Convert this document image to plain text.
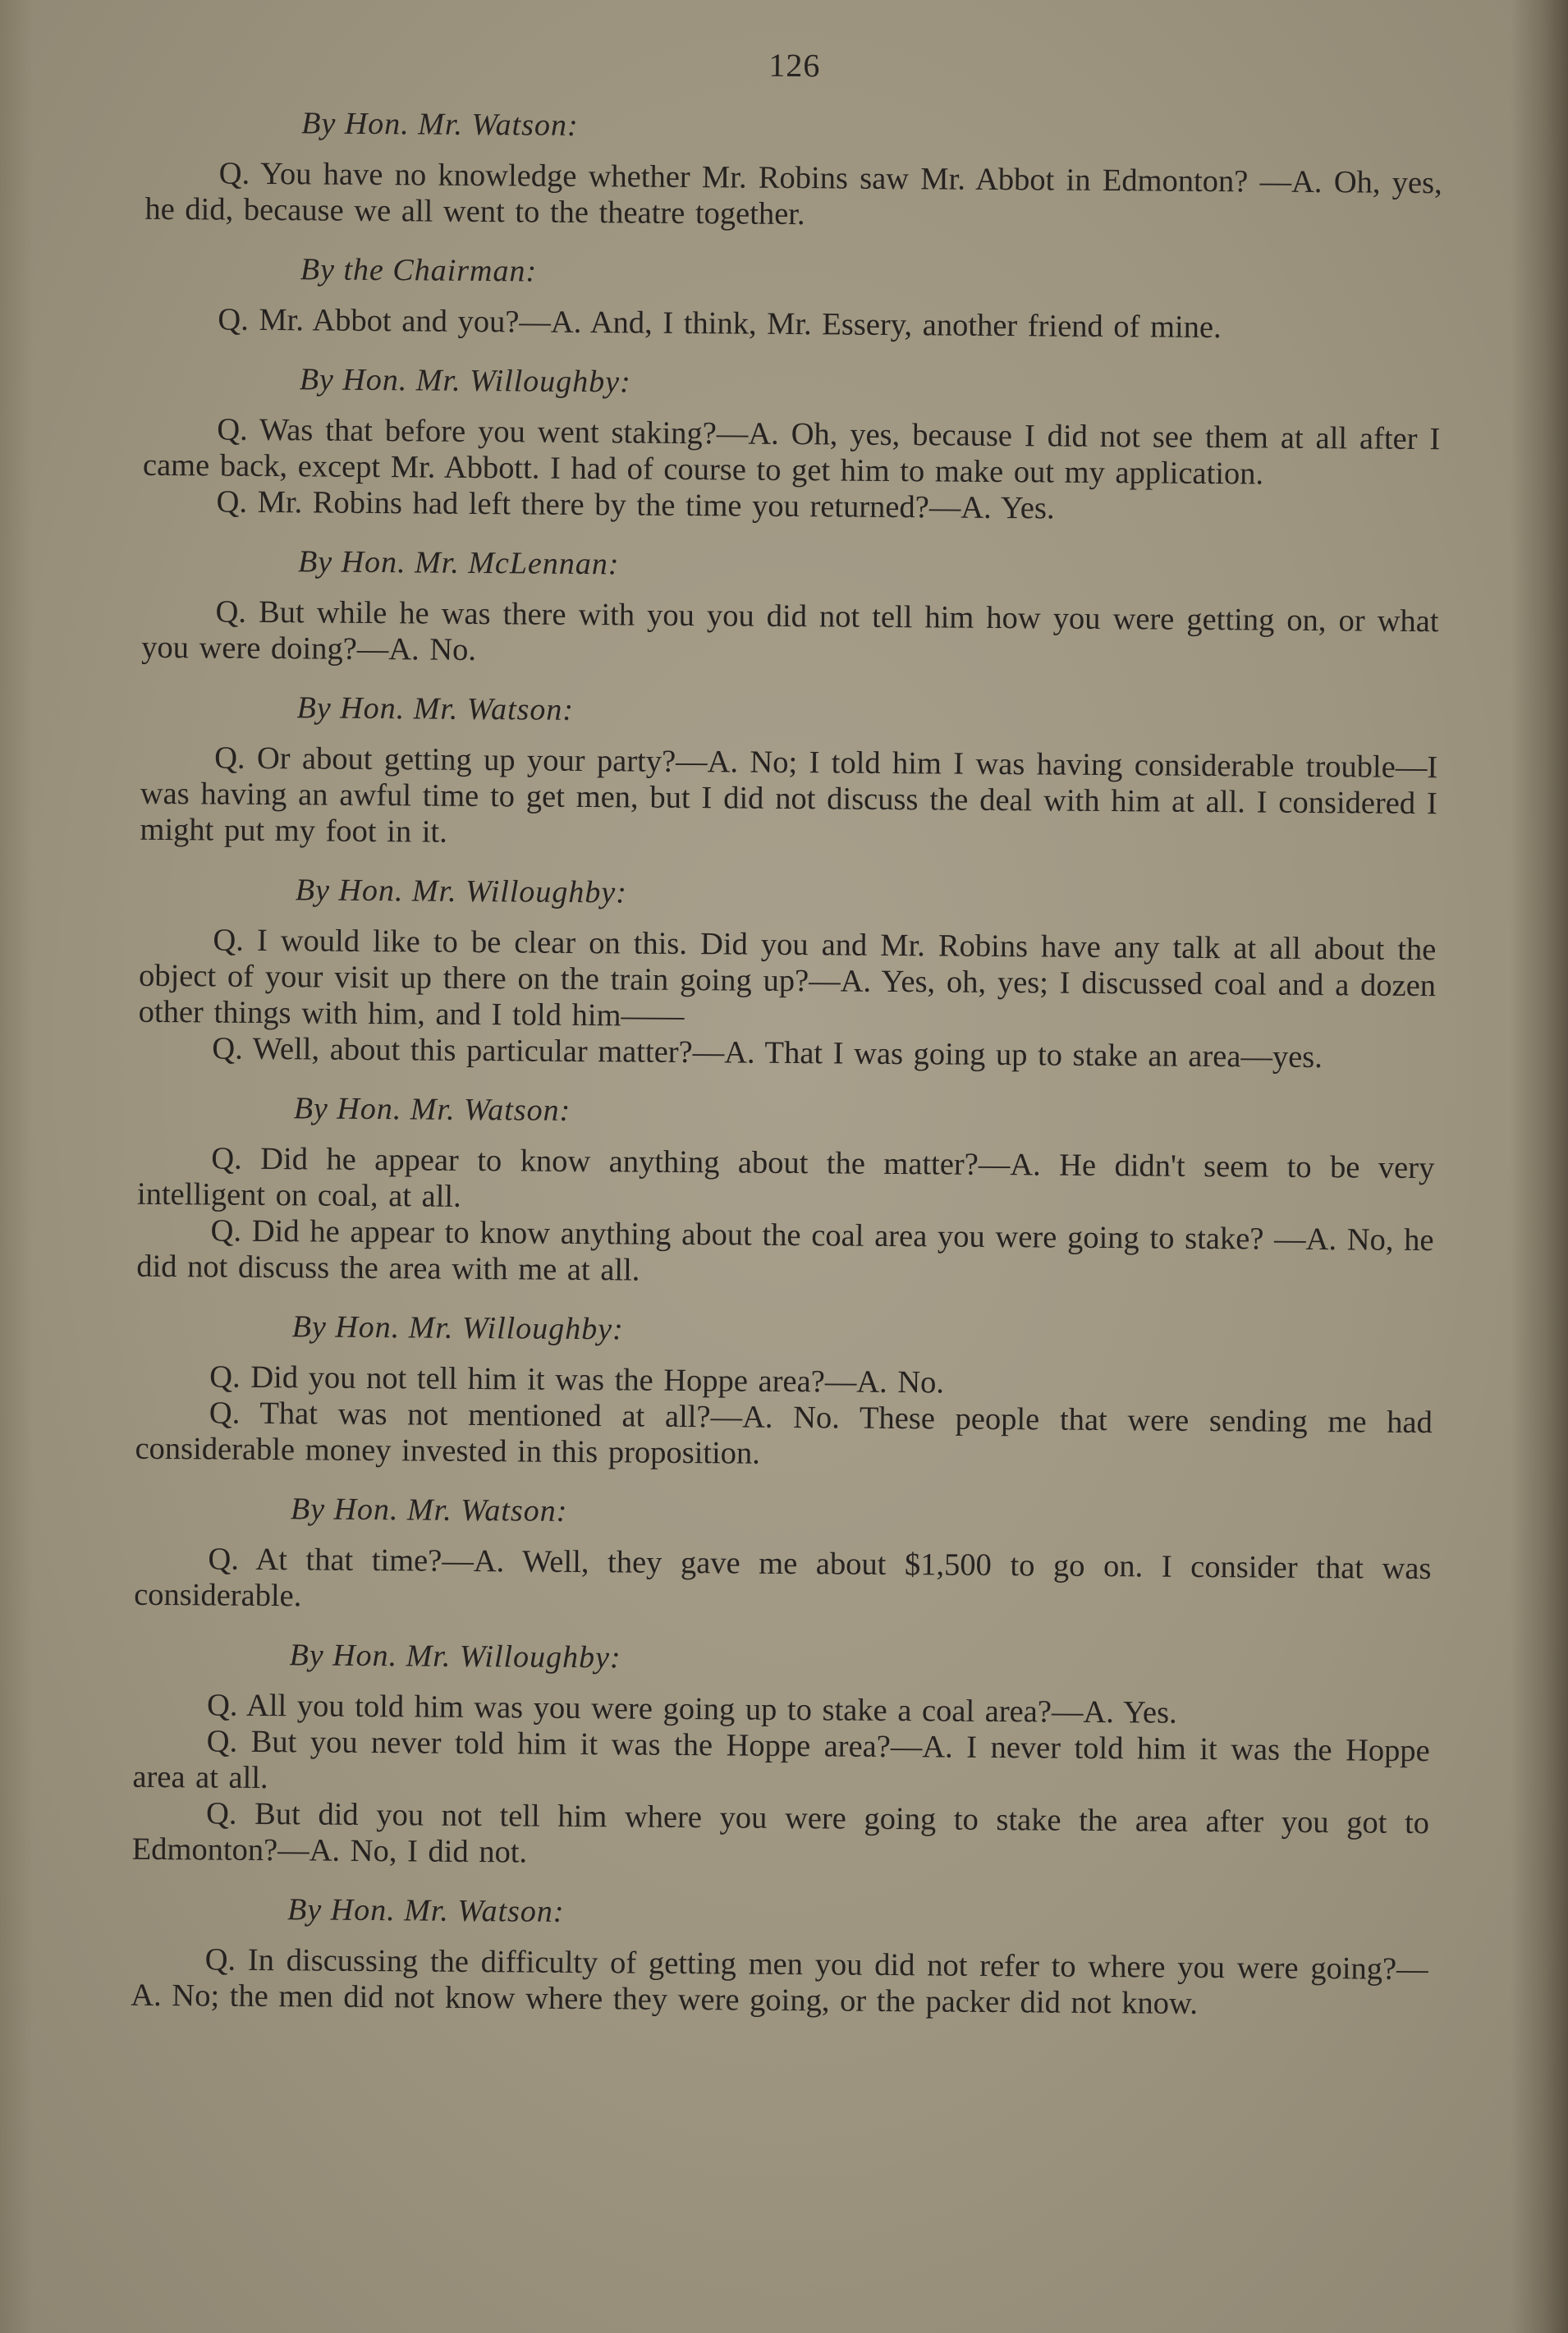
126
By Hon. Mr. Watson:

Q. You have no knowledge whether Mr. Robins saw Mr. Abbot in Edmonton? —A. Oh, yes, he did, because we all went to the theatre together.

By the Chairman:

Q. Mr. Abbot and you?—A. And, I think, Mr. Essery, another friend of mine.

By Hon. Mr. Willoughby:

Q. Was that before you went staking?—A. Oh, yes, because I did not see them at all after I came back, except Mr. Abbott. I had of course to get him to make out my application.

Q. Mr. Robins had left there by the time you returned?—A. Yes.

By Hon. Mr. McLennan:

Q. But while he was there with you you did not tell him how you were getting on, or what you were doing?—A. No.

By Hon. Mr. Watson:

Q. Or about getting up your party?—A. No; I told him I was having considerable trouble—I was having an awful time to get men, but I did not discuss the deal with him at all. I considered I might put my foot in it.

By Hon. Mr. Willoughby:

Q. I would like to be clear on this. Did you and Mr. Robins have any talk at all about the object of your visit up there on the train going up?—A. Yes, oh, yes; I discussed coal and a dozen other things with him, and I told him——

Q. Well, about this particular matter?—A. That I was going up to stake an area—yes.

By Hon. Mr. Watson:

Q. Did he appear to know anything about the matter?—A. He didn't seem to be very intelligent on coal, at all.

Q. Did he appear to know anything about the coal area you were going to stake? —A. No, he did not discuss the area with me at all.

By Hon. Mr. Willoughby:

Q. Did you not tell him it was the Hoppe area?—A. No.

Q. That was not mentioned at all?—A. No. These people that were sending me had considerable money invested in this proposition.

By Hon. Mr. Watson:

Q. At that time?—A. Well, they gave me about $1,500 to go on. I consider that was considerable.

By Hon. Mr. Willoughby:

Q. All you told him was you were going up to stake a coal area?—A. Yes.

Q. But you never told him it was the Hoppe area?—A. I never told him it was the Hoppe area at all.

Q. But did you not tell him where you were going to stake the area after you got to Edmonton?—A. No, I did not.

By Hon. Mr. Watson:

Q. In discussing the difficulty of getting men you did not refer to where you were going?—A. No; the men did not know where they were going, or the packer did not know.
